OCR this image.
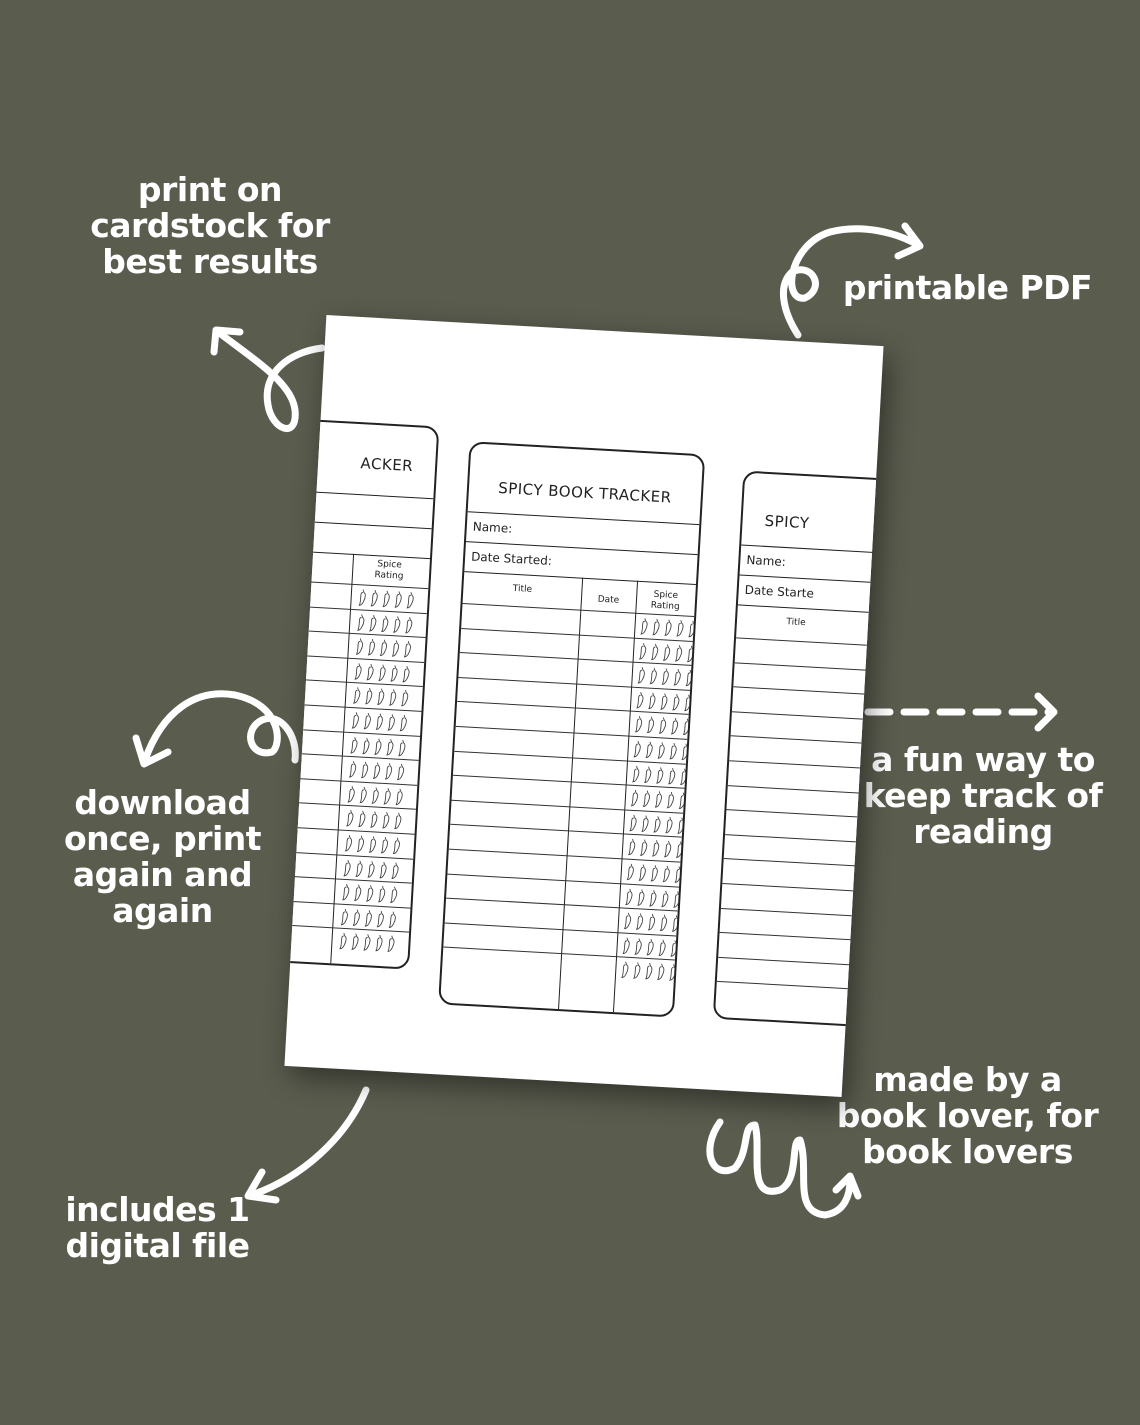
print on
cardstock for
best results
printable PDF
download
once, print
again and
again
a fun way to
keep track of
reading
made by a
book lover, for
book lovers
includes 1
digital file
ACKER
Spice
Rating
SPICY BOOK TRACKER
Name:
Date Started:
Title
Date	Spice
Rating
SPICY
Name:
Date Starte
Title
